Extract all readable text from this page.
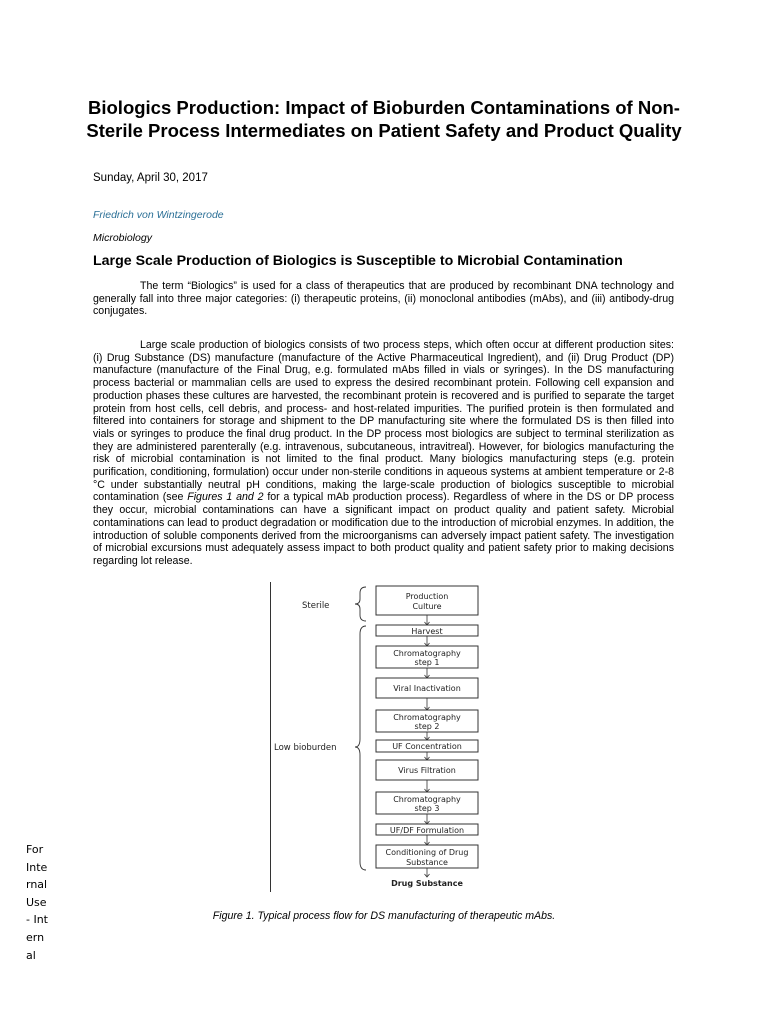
Biologics Production: Impact of Bioburden Contaminations of Non-Sterile Process Intermediates on Patient Safety and Product Quality
Sunday, April 30, 2017
Friedrich von Wintzingerode
Microbiology
Large Scale Production of Biologics is Susceptible to Microbial Contamination

The term “Biologics” is used for a class of therapeutics that are produced by recombinant DNA technology and generally fall into three major categories: (i) therapeutic proteins, (ii) monoclonal antibodies (mAbs), and (iii) antibody-drug conjugates.

Large scale production of biologics consists of two process steps, which often occur at different production sites: (i) Drug Substance (DS) manufacture (manufacture of the Active Pharmaceutical Ingredient), and (ii) Drug Product (DP) manufacture (manufacture of the Final Drug, e.g. formulated mAbs filled in vials or syringes). In the DS manufacturing process bacterial or mammalian cells are used to express the desired recombinant protein. Following cell expansion and production phases these cultures are harvested, the recombinant protein is recovered and is purified to separate the target protein from host cells, cell debris, and process- and host-related impurities. The purified protein is then formulated and filtered into containers for storage and shipment to the DP manufacturing site where the formulated DS is then filled into vials or syringes to produce the final drug product. In the DP process most biologics are subject to terminal sterilization as they are administered parenterally (e.g. intravenous, subcutaneous, intravitreal). However, for biologics manufacturing the risk of microbial contamination is not limited to the final product. Many biologics manufacturing steps (e.g. protein purification, conditioning, formulation) occur under non-sterile conditions in aqueous systems at ambient temperature or 2-8 °C under substantially neutral pH conditions, making the large-scale production of biologics susceptible to microbial contamination (see Figures 1 and 2 for a typical mAb production process). Regardless of where in the DS or DP process they occur, microbial contaminations can have a significant impact on product quality and patient safety. Microbial contaminations can lead to product degradation or modification due to the introduction of microbial enzymes. In addition, the introduction of soluble components derived from the microorganisms can adversely impact patient safety. The investigation of microbial excursions must adequately assess impact to both product quality and patient safety prior to making decisions regarding lot release.

Sterile
Low bioburden
Production
Culture
Harvest
Chromatography
step 1
Viral Inactivation
Chromatography
step 2
UF Concentration
Virus Filtration
Chromatography
step 3
UF/DF Formulation
Conditioning of Drug
Substance
Drug Substance
Figure 1. Typical process flow for DS manufacturing of therapeutic mAbs.
For Internal Use - Internal
